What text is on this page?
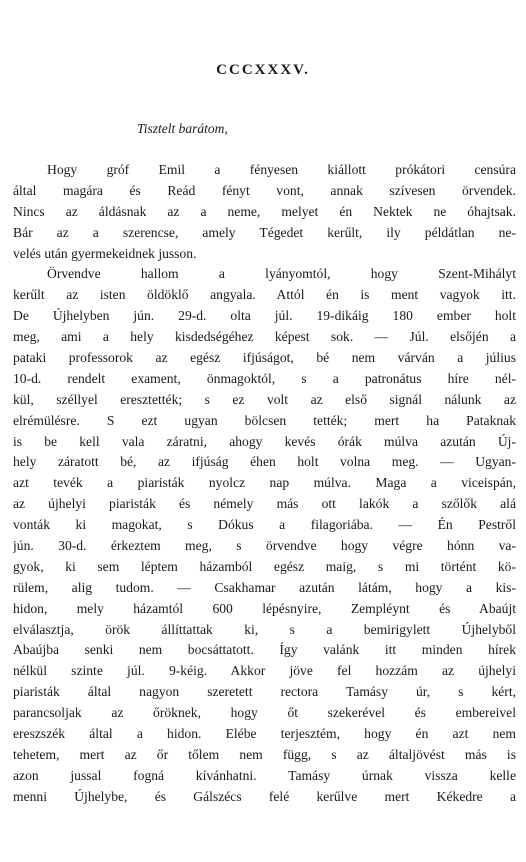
CCCXXXV.
Tisztelt barátom,
Hogy gróf Emil a fényesen kiállott prókátori censúra
által magára és Reád fényt vont, annak szívesen örvendek.
Nincs az áldásnak az a neme, melyet én Nektek ne óhajtsak.
Bár az a szerencse, amely Tégedet kerűlt, ily példátlan ne-
velés után gyermekeidnek jusson.
Örvendve hallom a lyányomtól, hogy Szent-Mihályt
kerűlt az isten öldöklő angyala. Attól én is ment vagyok itt.
De Újhelyben jún. 29-d. olta júl. 19-dikáig 180 ember holt
meg, ami a hely kisdedségéhez képest sok. — Júl. elsőjén a
pataki professorok az egész ifjúságot, bé nem várván a július
10-d. rendelt exament, önmagoktól, s a patronátus híre nél-
kül, széllyel eresztették; s ez volt az első signál nálunk az
elrémülésre. S ezt ugyan bölcsen tették; mert ha Pataknak
is be kell vala záratni, ahogy kevés órák múlva azután Új-
hely záratott bé, az ifjúság éhen holt volna meg. — Ugyan-
azt tevék a piaristák nyolcz nap múlva. Maga a viceispán,
az újhelyi piaristák és némely más ott lakók a szőlők alá
vonták ki magokat, s Dókus a filagoriába. — Én Pestről
jún. 30-d. érkeztem meg, s örvendve hogy végre hónn va-
gyok, ki sem léptem házamból egész maig, s mi történt kö-
rülem, alig tudom. — Csakhamar azután látám, hogy a kis-
hidon, mely házamtól 600 lépésnyire, Zempléynt és Abaújt
elválasztja, örök állíttattak ki, s a bemirigylett Újhelyből
Abaújba senki nem bocsáttatott. Így valánk itt minden hírek
nélkül szinte júl. 9-kéig. Akkor jöve fel hozzám az újhelyi
piaristák által nagyon szeretett rectora Tamásy úr, s kért,
parancsoljak az őröknek, hogy őt szekerével és embereivel
ereszszék által a hidon. Elébe terjesztém, hogy én azt nem
tehetem, mert az őr tőlem nem függ, s az általjövést más is
azon jussal fogná kívánhatni. Tamásy úrnak vissza kelle
menni Újhelybe, és Gálszécs felé kerűlve mert Kékedre a
